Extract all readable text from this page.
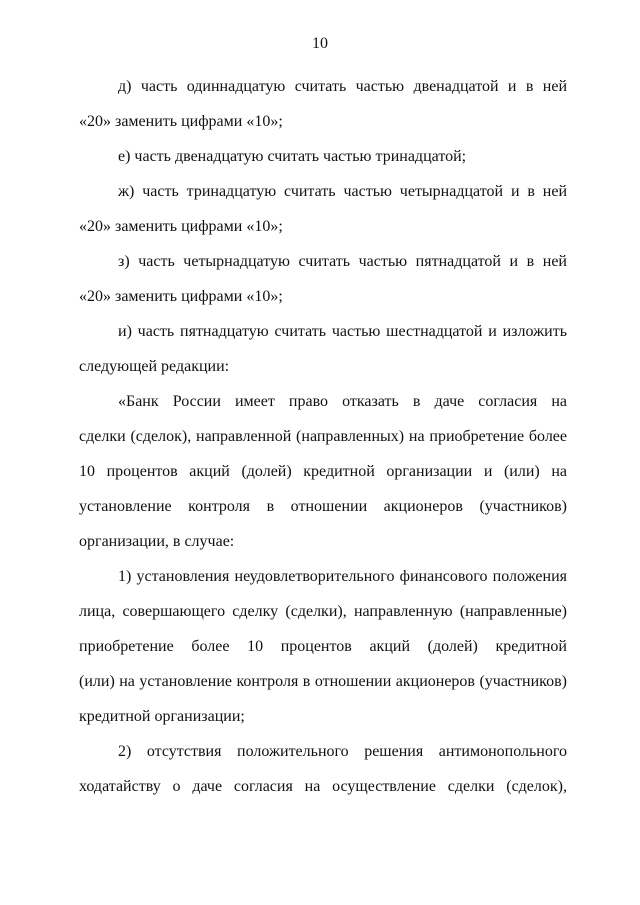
10
д) часть одиннадцатую считать частью двенадцатой и в ней
«20» заменить цифрами «10»;
е) часть двенадцатую считать частью тринадцатой;
ж) часть тринадцатую считать частью четырнадцатой и в ней
«20» заменить цифрами «10»;
з) часть четырнадцатую считать частью пятнадцатой и в ней
«20» заменить цифрами «10»;
и) часть пятнадцатую считать частью шестнадцатой и изложить
следующей редакции:
«Банк России имеет право отказать в даче согласия на
сделки (сделок), направленной (направленных) на приобретение более
10 процентов акций (долей) кредитной организации и (или) на
установление контроля в отношении акционеров (участников)
организации, в случае:
1) установления неудовлетворительного финансового положения
лица, совершающего сделку (сделки), направленную (направленные)
приобретение более 10 процентов акций (долей) кредитной
(или) на установление контроля в отношении акционеров (участников)
кредитной организации;
2) отсутствия положительного решения антимонопольного
ходатайству о даче согласия на осуществление сделки (сделок),
